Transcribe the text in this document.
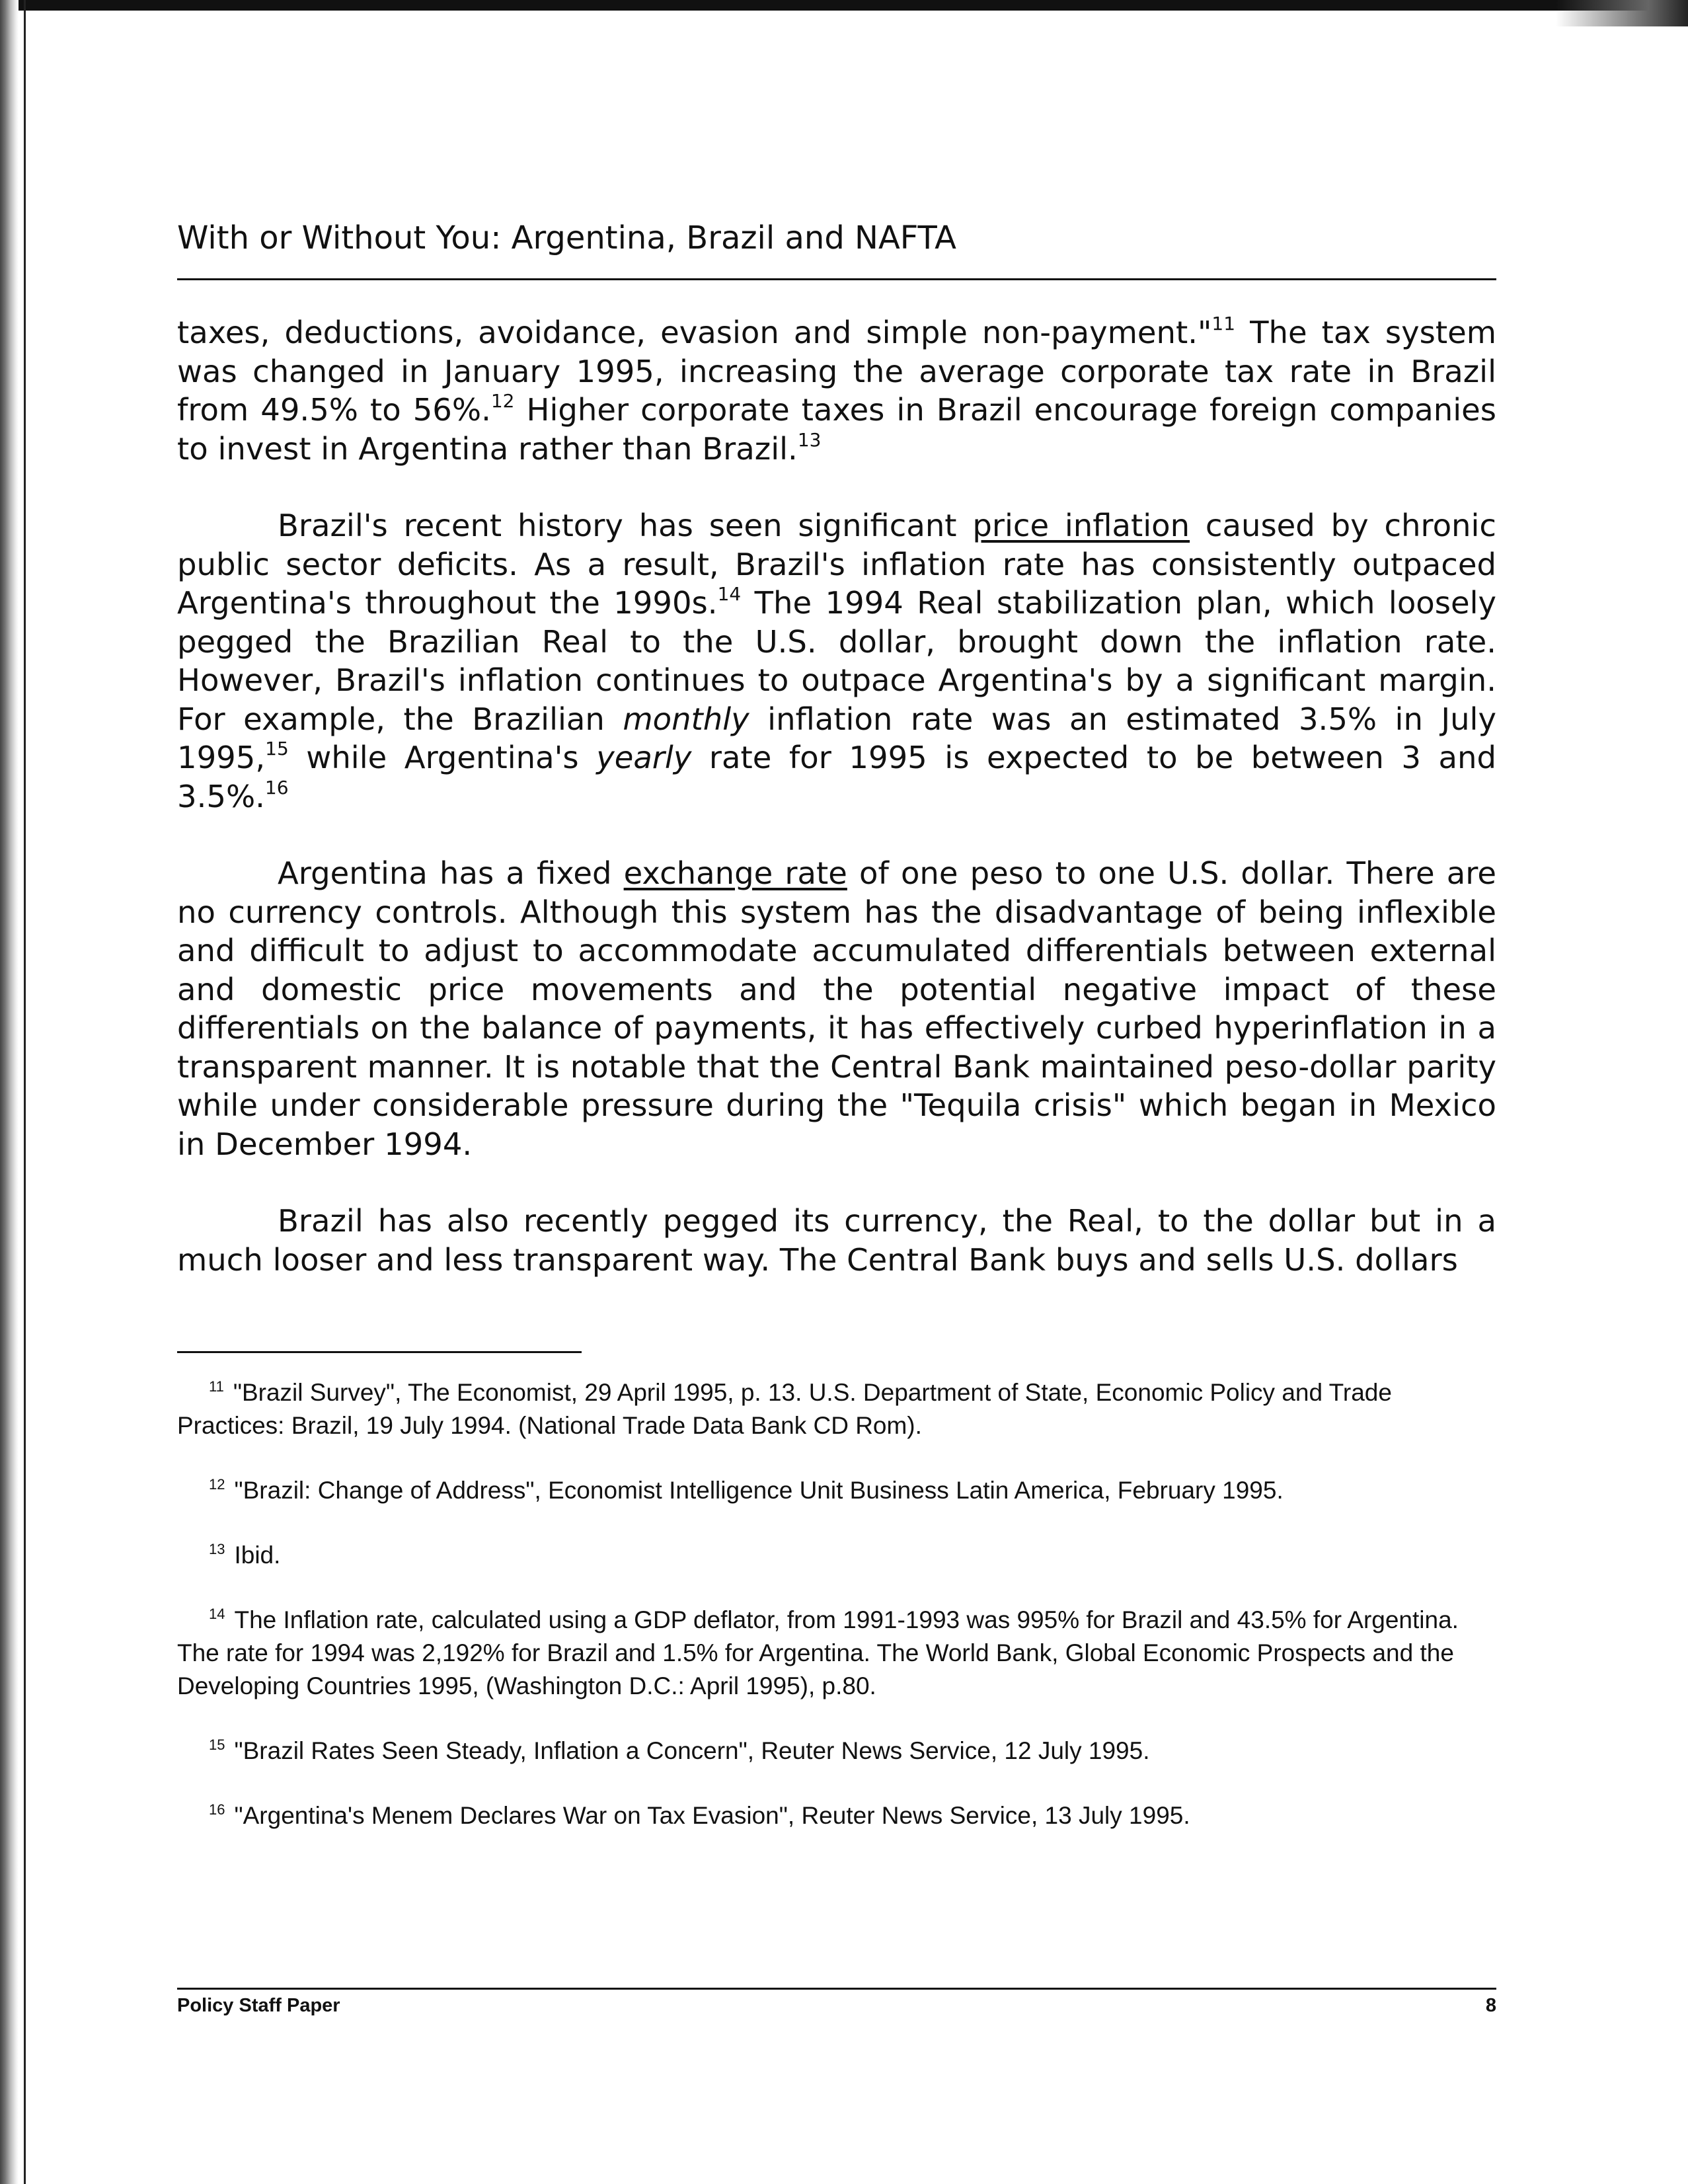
With or Without You: Argentina, Brazil and NAFTA

taxes, deductions, avoidance, evasion and simple non-payment."$^{11}$ The tax system was changed in January 1995, increasing the average corporate tax rate in Brazil from 49.5% to 56%.$^{12}$ Higher corporate taxes in Brazil encourage foreign companies to invest in Argentina rather than Brazil.$^{13}$

Brazil's recent history has seen significant price inflation caused by chronic public sector deficits. As a result, Brazil's inflation rate has consistently outpaced Argentina's throughout the 1990s.$^{14}$ The 1994 Real stabilization plan, which loosely pegged the Brazilian Real to the U.S. dollar, brought down the inflation rate. However, Brazil's inflation continues to outpace Argentina's by a significant margin. For example, the Brazilian monthly inflation rate was an estimated 3.5% in July 1995,15 while Argentina's yearly rate for 1995 is expected to be between 3 and 3.5%.$^{16}$

Argentina has a fixed exchange rate of one peso to one U.S. dollar. There are no currency controls. Although this system has the disadvantage of being inflexible and difficult to adjust to accommodate accumulated differentials between external and domestic price movements and the potential negative impact of these differentials on the balance of payments, it has effectively curbed hyperinflation in a transparent manner. It is notable that the Central Bank maintained peso-dollar parity while under considerable pressure during the "Tequila crisis" which began in Mexico in December 1994.

Brazil has also recently pegged its currency, the Real, to the dollar but in a much looser and less transparent way. The Central Bank buys and sells U.S. dollars

$^{11}$ "Brazil Survey", The Economist, 29 April 1995, p. 13. U.S. Department of State, Economic Policy and Trade Practices: Brazil, 19 July 1994. (National Trade Data Bank CD Rom).

$^{12}$ "Brazil: Change of Address", Economist Intelligence Unit Business Latin America, February 1995.

$^{13}$ Ibid.

$^{14}$ The Inflation rate, calculated using a GDP deflator, from 1991-1993 was 995% for Brazil and 43.5% for Argentina. The rate for 1994 was 2,192% for Brazil and 1.5% for Argentina. The World Bank, Global Economic Prospects and the Developing Countries 1995, (Washington D.C.: April 1995), p.80.

$^{15}$ "Brazil Rates Seen Steady, Inflation a Concern", Reuter News Service, 12 July 1995.

$^{16}$ "Argentina's Menem Declares War on Tax Evasion", Reuter News Service, 13 July 1995.

Policy Staff Paper	8
